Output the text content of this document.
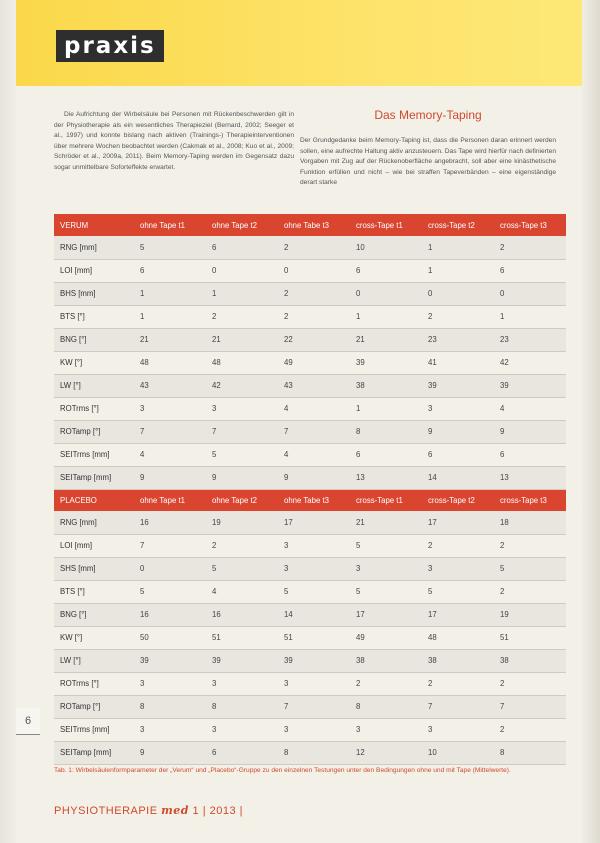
praxis

Die Aufrichtung der Wirbelsäule bei Personen mit Rückenbeschwerden gilt in der Physiotherapie als ein wesentliches Therapieziel (Bernard, 2002; Seeger et al., 1997) und konnte bislang nach aktiven (Trainings-) Therapieinterventionen über mehrere Wochen beobachtet werden (Cakmak et al., 2008; Kuo et al., 2009; Schröder et al., 2009a, 2011). Beim Memory-Taping werden im Gegensatz dazu sogar unmittelbare Soforteffekte erwartet.

Das Memory-Taping

Der Grundgedanke beim Memory-Taping ist, dass die Personen daran erinnert werden sollen, eine aufrechte Haltung aktiv anzusteuern. Das Tape wird hierfür nach definierten Vorgaben mit Zug auf der Rückenoberfläche angebracht, soll aber eine kinästhetische Funktion erfüllen und nicht – wie bei straffen Tapeverbänden – eine eigenständige derart starke

VERUM	ohne Tape t1	ohne Tape t2	ohne Tabe t3	cross-Tape t1	cross-Tape t2	cross-Tape t3
RNG [mm]	5	6	2	10	1	2
LOI [mm]	6	0	0	6	1	6
BHS [mm]	1	1	2	0	0	0
BTS [°]	1	2	2	1	2	1
BNG [°]	21	21	22	21	23	23
KW [°]	48	48	49	39	41	42
LW [°]	43	42	43	38	39	39
ROTrms [°]	3	3	4	1	3	4
ROTamp [°]	7	7	7	8	9	9
SEITrms [mm]	4	5	4	6	6	6
SEITamp [mm]	9	9	9	13	14	13
PLACEBO	ohne Tape t1	ohne Tape t2	ohne Tabe t3	cross-Tape t1	cross-Tape t2	cross-Tape t3
RNG [mm]	16	19	17	21	17	18
LOI [mm]	7	2	3	5	2	2
SHS [mm]	0	5	3	3	3	5
BTS [°]	5	4	5	5	5	2
BNG [°]	16	16	14	17	17	19
KW [°]	50	51	51	49	48	51
LW [°]	39	39	39	38	38	38
ROTrms [°]	3	3	3	2	2	2
ROTamp [°]	8	8	7	8	7	7
SEITrms [mm]	3	3	3	3	3	2
SEITamp [mm]	9	6	8	12	10	8
Tab. 1: Wirbelsäulenformparameter der „Verum“ und „Placebo“-Gruppe zu den einzelnen Testungen unter den Bedingungen ohne und mit Tape (Mittelwerte).
PHYSIOTHERAPIE med 1 | 2013 |
6
